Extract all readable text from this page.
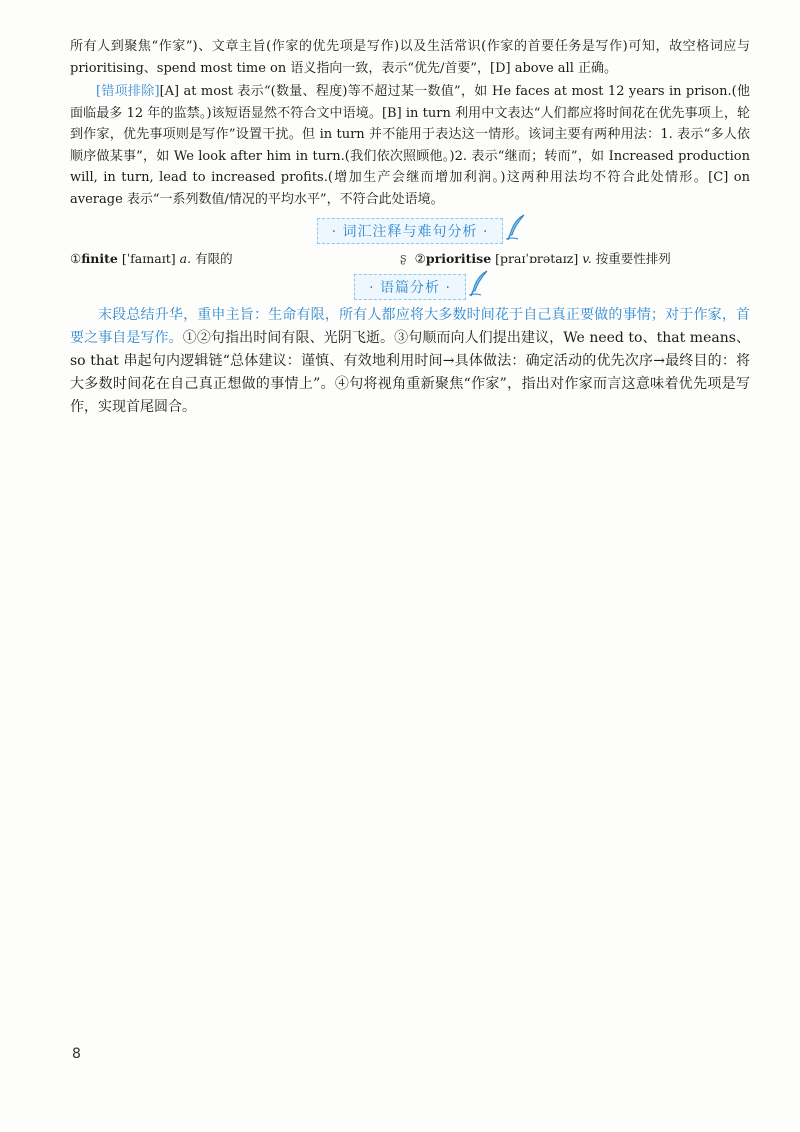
所有人到聚焦“作家”)、文章主旨(作家的优先项是写作)以及生活常识(作家的首要任务是写作)可知，故空格词应与 prioritising、spend most time on 语义指向一致，表示“优先/首要”，[D] above all 正确。

[错项排除][A] at most 表示“(数量、程度)等不超过某一数值”，如 He faces at most 12 years in prison.(他面临最多 12 年的监禁。)该短语显然不符合文中语境。[B] in turn 利用中文表达“人们都应将时间花在优先事项上，轮到作家，优先事项则是写作”设置干扰。但 in turn 并不能用于表达这一情形。该词主要有两种用法：1. 表示“多人依顺序做某事”，如 We look after him in turn.(我们依次照顾他。)2. 表示“继而；转而”，如 Increased production will, in turn, lead to increased profits.(增加生产会继而增加利润。)这两种用法均不符合此处情形。[C] on average 表示“一系列数值/情况的平均水平”，不符合此处语境。

· 词汇注释与难句分析 ·
①finite [ˈfaɪnaɪt] a. 有限的	ʂ ②prioritise [praɪˈɒrətaɪz] v. 按重要性排列
· 语篇分析 ·

末段总结升华，重申主旨：生命有限，所有人都应将大多数时间花于自己真正要做的事情；对于作家，首要之事自是写作。①②句指出时间有限、光阴飞逝。③句顺而向人们提出建议，We need to、that means、so that 串起句内逻辑链“总体建议：谨慎、有效地利用时间→具体做法：确定活动的优先次序→最终目的：将大多数时间花在自己真正想做的事情上”。④句将视角重新聚焦“作家”，指出对作家而言这意味着优先项是写作，实现首尾圆合。

8
